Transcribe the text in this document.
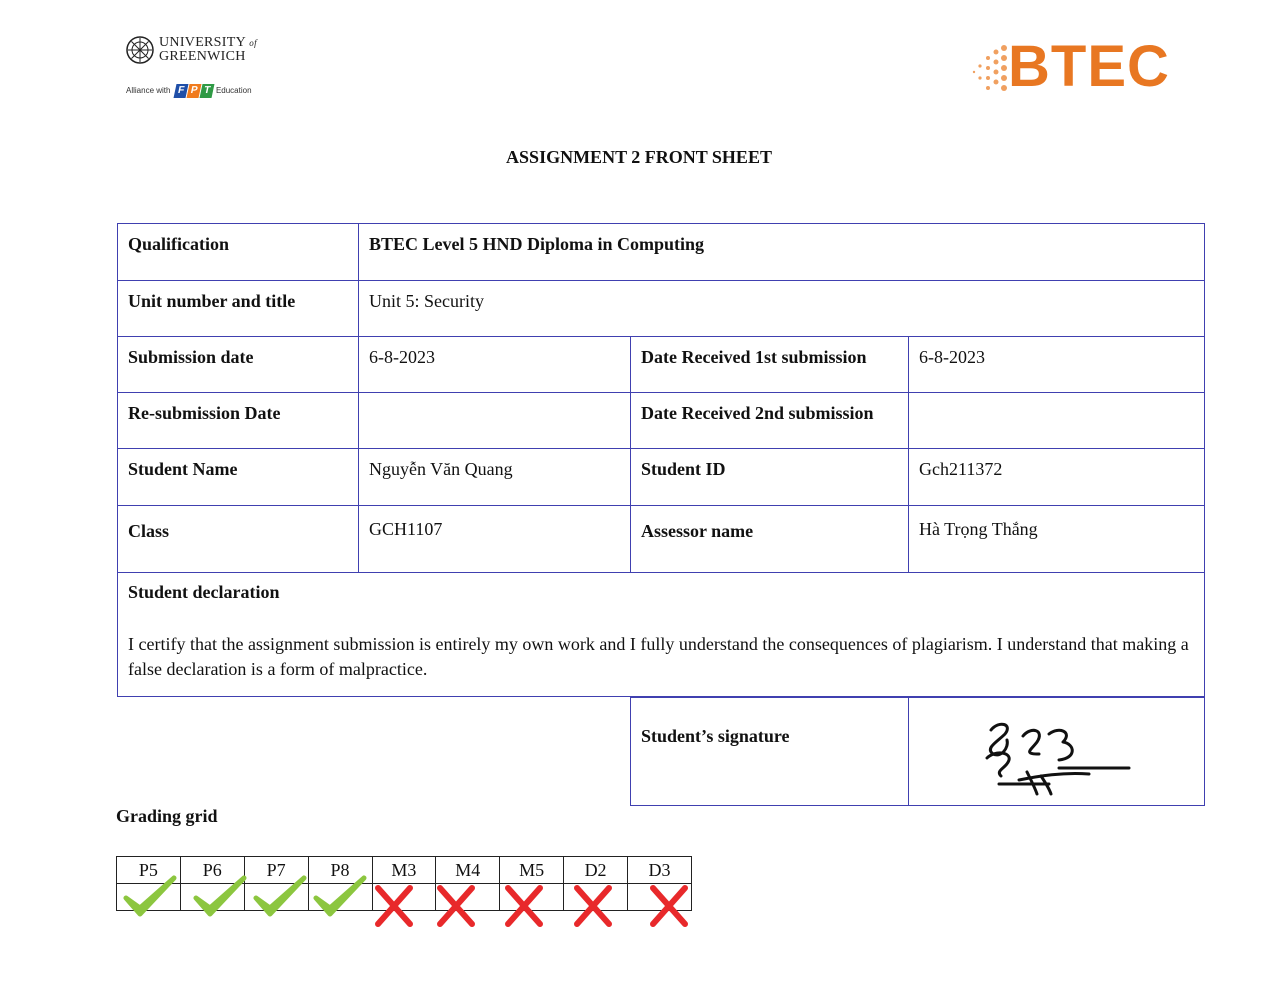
UNIVERSITY of
GREENWICH
Alliance with F P T Education	BTEC
ASSIGNMENT 2 FRONT SHEET
Qualification	BTEC Level 5 HND Diploma in Computing		
Unit number and title	Unit 5: Security		
Submission date	6-8-2023	Date Received 1st submission	6-8-2023
Re-submission Date		Date Received 2nd submission	
Student Name	Nguyễn Văn Quang	Student ID	Gch211372
Class	GCH1107	Assessor name	Hà Trọng Thắng

Student declaration
I certify that the assignment submission is entirely my own work and I fully understand the consequences of plagiarism. I understand that making a false declaration is a form of malpractice.			
Student’s signature	
Grading grid
P5	P6	P7	P8	M3	M4	M5	D2	D3
